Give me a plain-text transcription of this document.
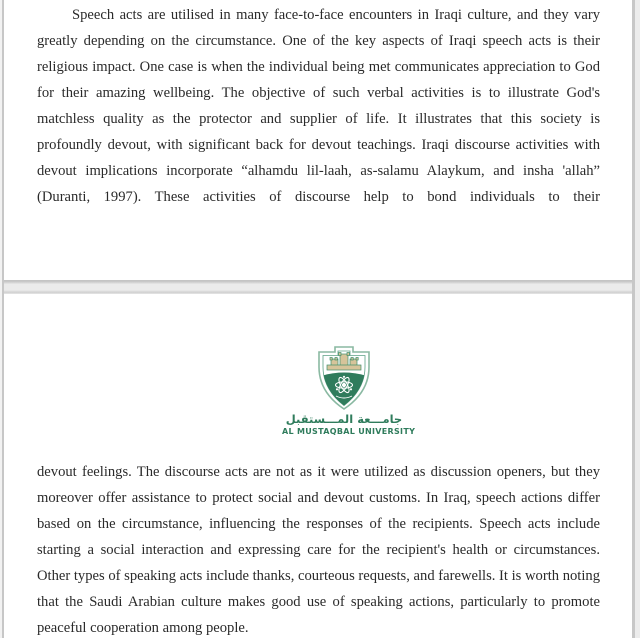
Speech acts are utilised in many face-to-face encounters in Iraqi culture, and they vary greatly depending on the circumstance. One of the key aspects of Iraqi speech acts is their religious impact. One case is when the individual being met communicates appreciation to God for their amazing wellbeing. The objective of such verbal activities is to illustrate God's matchless quality as the protector and supplier of life. It illustrates that this society is profoundly devout, with significant back for devout teachings. Iraqi discourse activities with devout implications incorporate “alhamdu lil-laah, as-salamu Alaykum, and insha 'allah” (Duranti, 1997). These activities of discourse help to bond individuals to their

جامـــعة المـــستقبل
AL MUSTAQBAL UNIVERSITY

devout feelings. The discourse acts are not as it were utilized as discussion openers, but they moreover offer assistance to protect social and devout customs. In Iraq, speech actions differ based on the circumstance, influencing the responses of the recipients. Speech acts include starting a social interaction and expressing care for the recipient's health or circumstances. Other types of speaking acts include thanks, courteous requests, and farewells. It is worth noting that the Saudi Arabian culture makes good use of speaking actions, particularly to promote peaceful cooperation among people.
